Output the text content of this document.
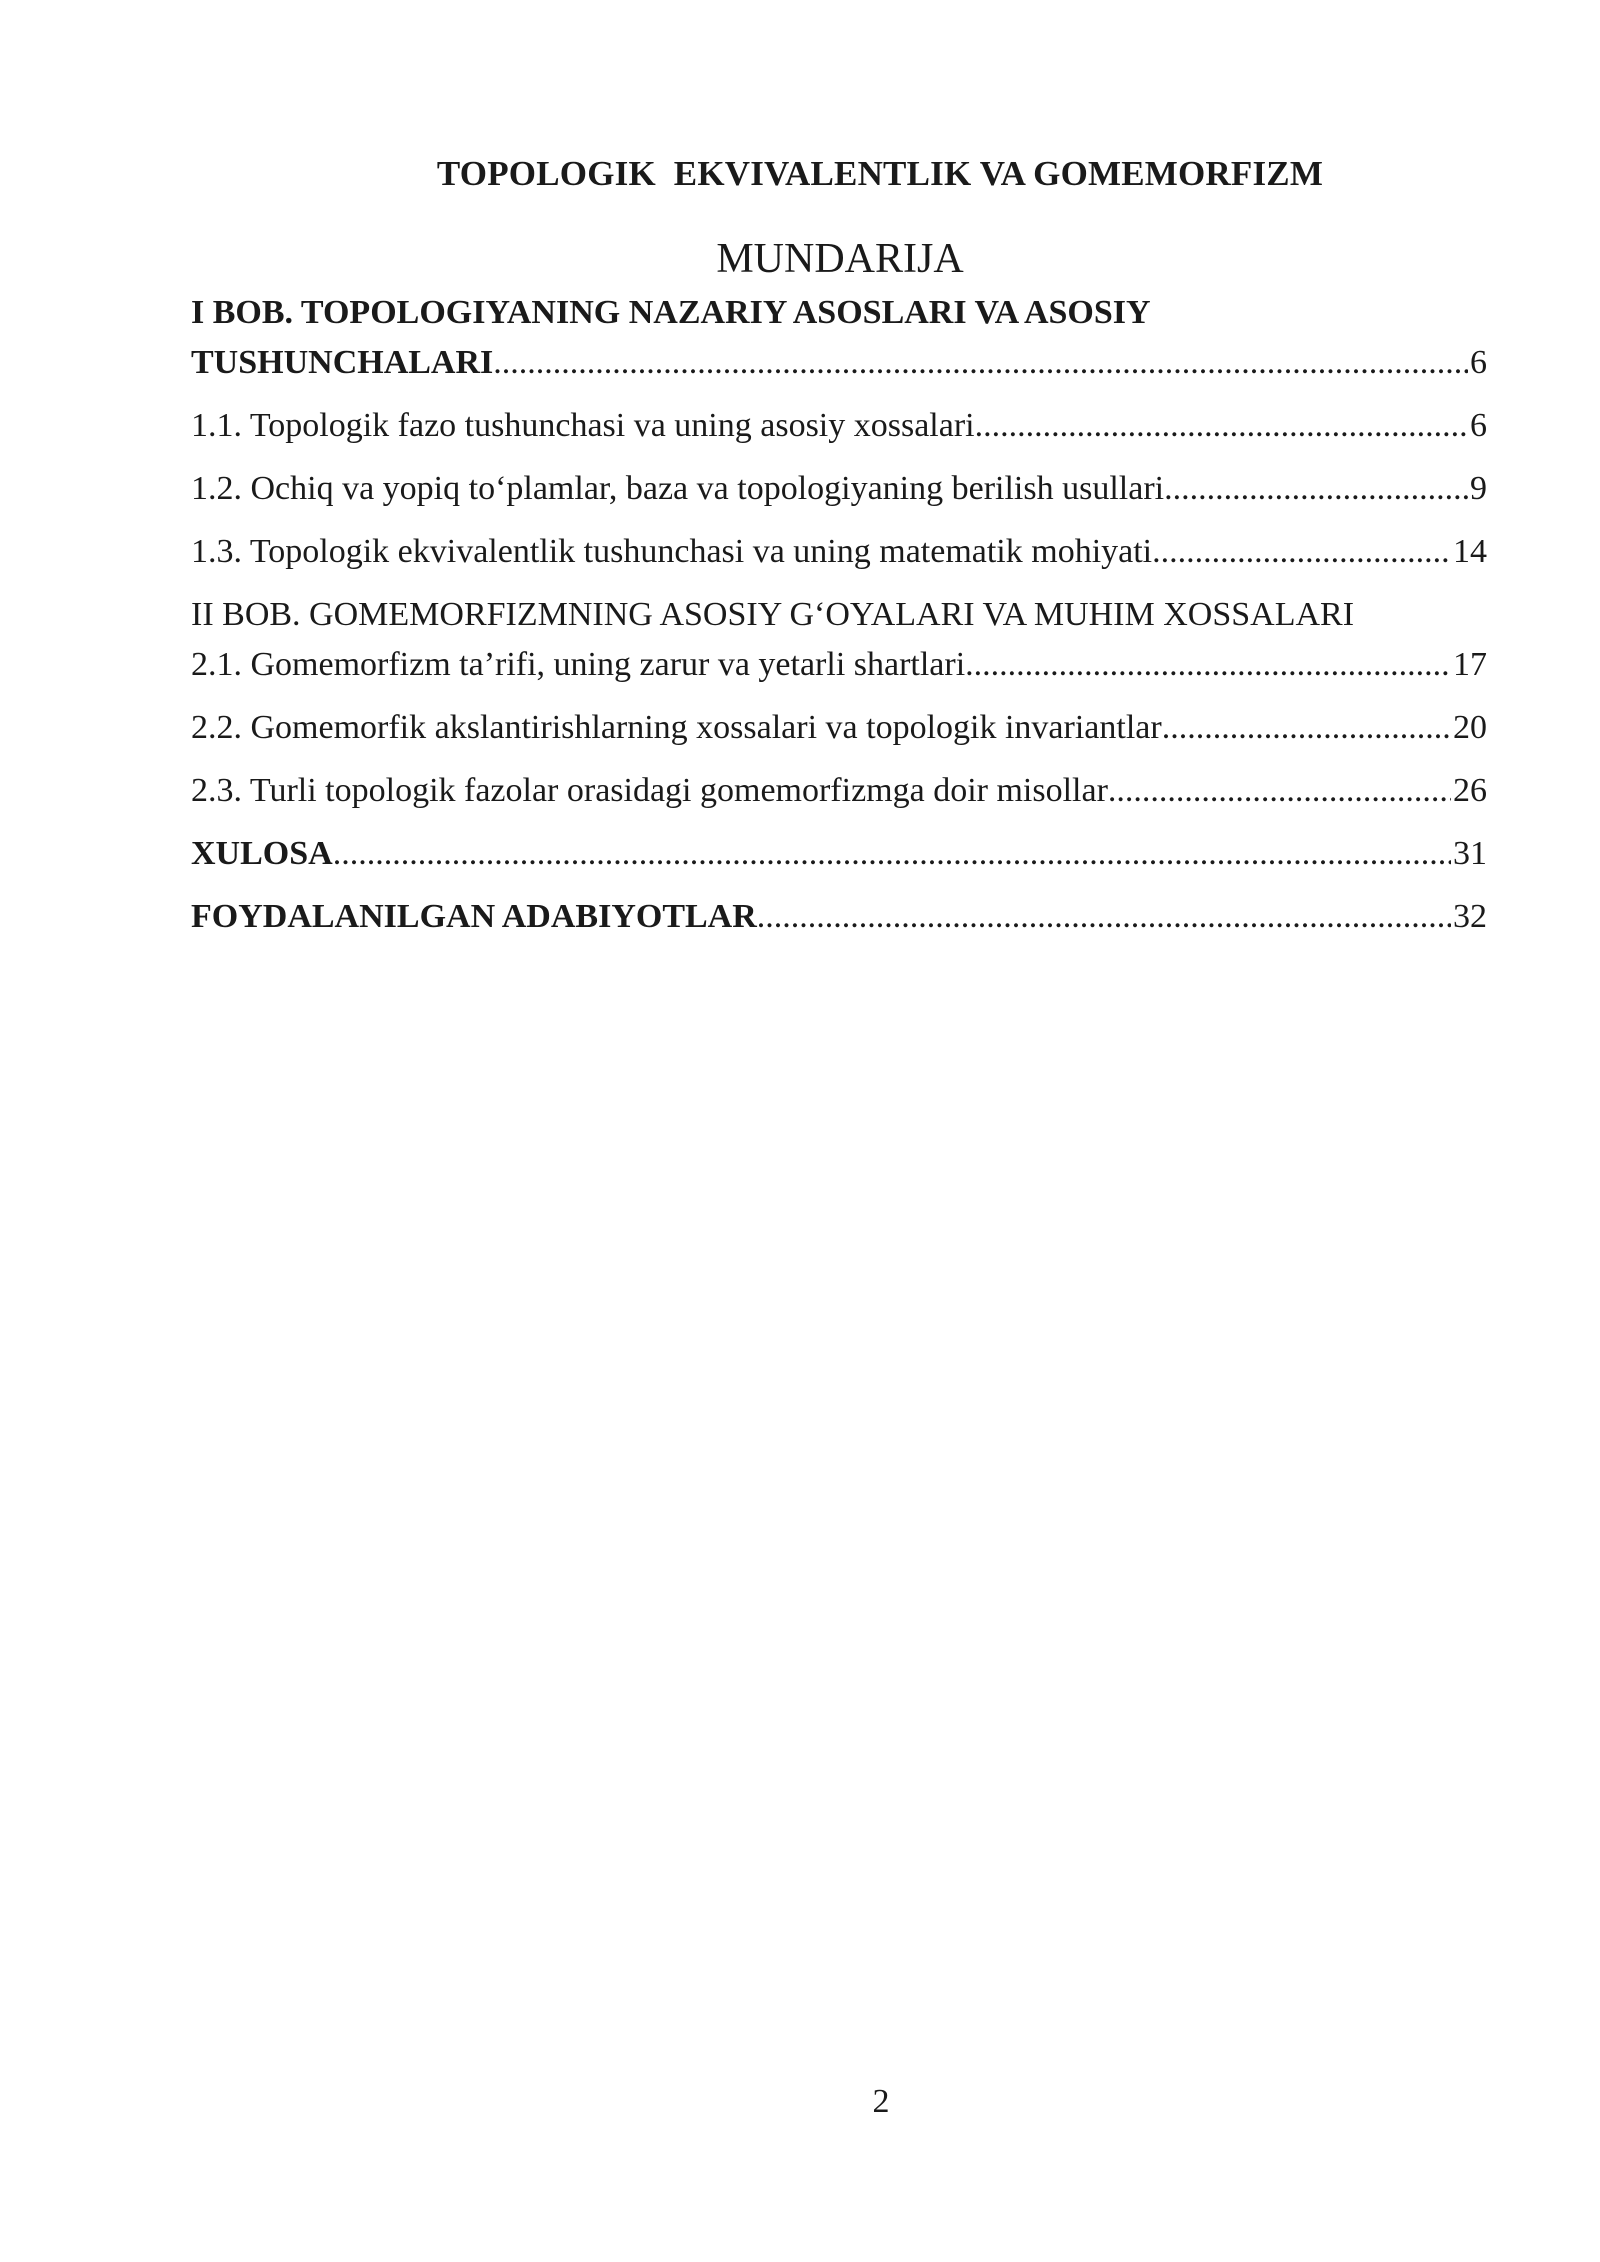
TOPOLOGIK  EKVIVALENTLIK VA GOMEMORFIZM
MUNDARIJA
I BOB. TOPOLOGIYANING NAZARIY ASOSLARI VA ASOSIY
TUSHUNCHALARI .....	6
1.1. Topologik fazo tushunchasi va uning asosiy xossalari .....	6
1.2. Ochiq va yopiq to‘plamlar, baza va topologiyaning berilish usullari .....	9
1.3. Topologik ekvivalentlik tushunchasi va uning matematik mohiyati .....	14
II BOB. GOMEMORFIZMNING ASOSIY G‘OYALARI VA MUHIM XOSSALARI
2.1. Gomemorfizm ta’rifi, uning zarur va yetarli shartlari .....	17
2.2. Gomemorfik akslantirishlarning xossalari va topologik invariantlar .....	20
2.3. Turli topologik fazolar orasidagi gomemorfizmga doir misollar .....	26
XULOSA .....	31
FOYDALANILGAN ADABIYOTLAR .....	32
2
